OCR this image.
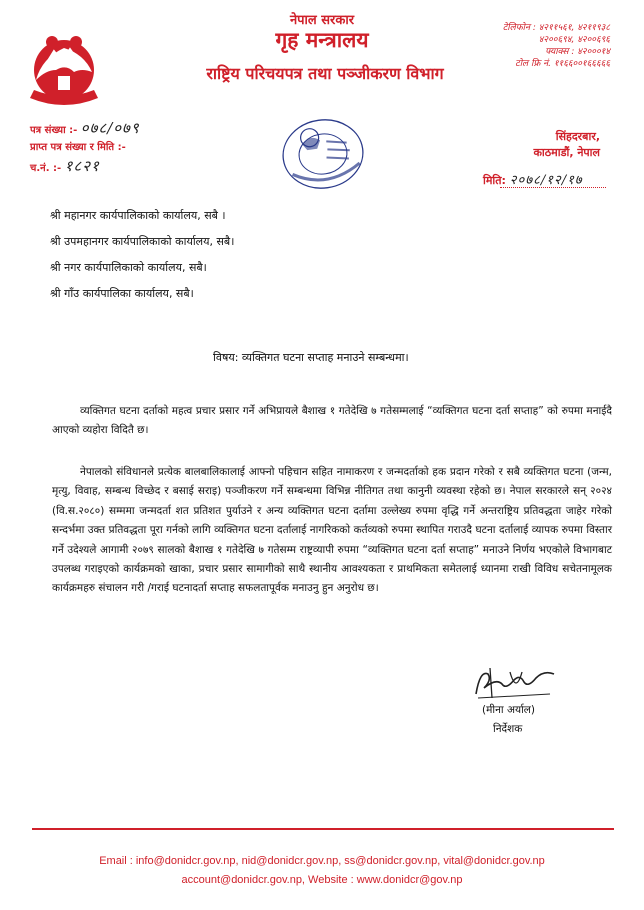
नेपाल सरकार
गृह मन्त्रालय
राष्ट्रिय परिचयपत्र तथा पञ्जीकरण विभाग
टेलिफोन : ४२११५६१, ४२११९३८
४२००६९४, ४२००६९६
फ्याक्स : ४२०००१४
टोल फ्रि नं. ११६६००१६६६६६
पत्र संख्या :- ०७८/०७९
प्राप्त पत्र संख्या र मिति :-
च.नं. :- १८२१
सिंहदरबार,
काठमाडौं, नेपाल
मिति: २०७८/१२/१७
श्री महानगर कार्यपालिकाको कार्यालय, सबै ।
श्री उपमहानगर कार्यपालिकाको कार्यालय, सबै।
श्री नगर कार्यपालिकाको कार्यालय, सबै।
श्री गाँउ कार्यपालिका कार्यालय, सबै।
विषय: व्यक्तिगत घटना सप्ताह मनाउने सम्बन्धमा।
व्यक्तिगत घटना दर्ताको महत्व प्रचार प्रसार गर्ने अभिप्रायले बैशाख १ गतेदेखि ७ गतेसम्मलाई “व्यक्तिगत घटना दर्ता सप्ताह” को रुपमा मनाईदै आएको व्यहोरा विदितै छ।
नेपालको संविधानले प्रत्येक बालबालिकालाई आफ्नो पहिचान सहित नामाकरण र जन्मदर्ताको हक प्रदान गरेको र सबै व्यक्तिगत घटना (जन्म, मृत्यु, विवाह, सम्बन्ध विच्छेद र बसाई सराइ) पञ्जीकरण गर्ने सम्बन्धमा विभिन्न नीतिगत तथा कानुनी व्यवस्था रहेको छ। नेपाल सरकारले सन् २०२४ (वि.स.२०८०) सम्ममा जन्मदर्ता शत प्रतिशत पुर्याउने र अन्य व्यक्तिगत घटना दर्तामा उल्लेख्य रुपमा वृद्धि गर्ने अन्तराष्ट्रिय प्रतिवद्धता जाहेर गरेको सन्दर्भमा उक्त प्रतिवद्धता पूरा गर्नको लागि व्यक्तिगत घटना दर्तालाई नागरिकको कर्तव्यको रुपमा स्थापित गराउदै घटना दर्तालाई व्यापक रुपमा विस्तार गर्ने उदेश्यले आगामी २०७९ सालको बैशाख १ गतेदेखि ७ गतेसम्म राष्ट्रव्यापी रुपमा “व्यक्तिगत घटना दर्ता सप्ताह” मनाउने निर्णय भएकोले विभागबाट उपलब्ध गराइएको कार्यक्रमको खाका, प्रचार प्रसार सामागीको साथै स्थानीय आवश्यकता र प्राथमिकता समेतलाई ध्यानमा राखी विविध सचेतनामूलक कार्यक्रमहरु संचालन गरी /गराई घटनादर्ता सप्ताह सफलतापूर्वक मनाउनु हुन अनुरोध छ।
(मीना अर्याल)
निर्देशक
Email : info@donidcr.gov.np, nid@donidcr.gov.np, ss@donidcr.gov.np, vital@donidcr.gov.np
account@donidcr.gov.np, Website : www.donidcr@gov.np
